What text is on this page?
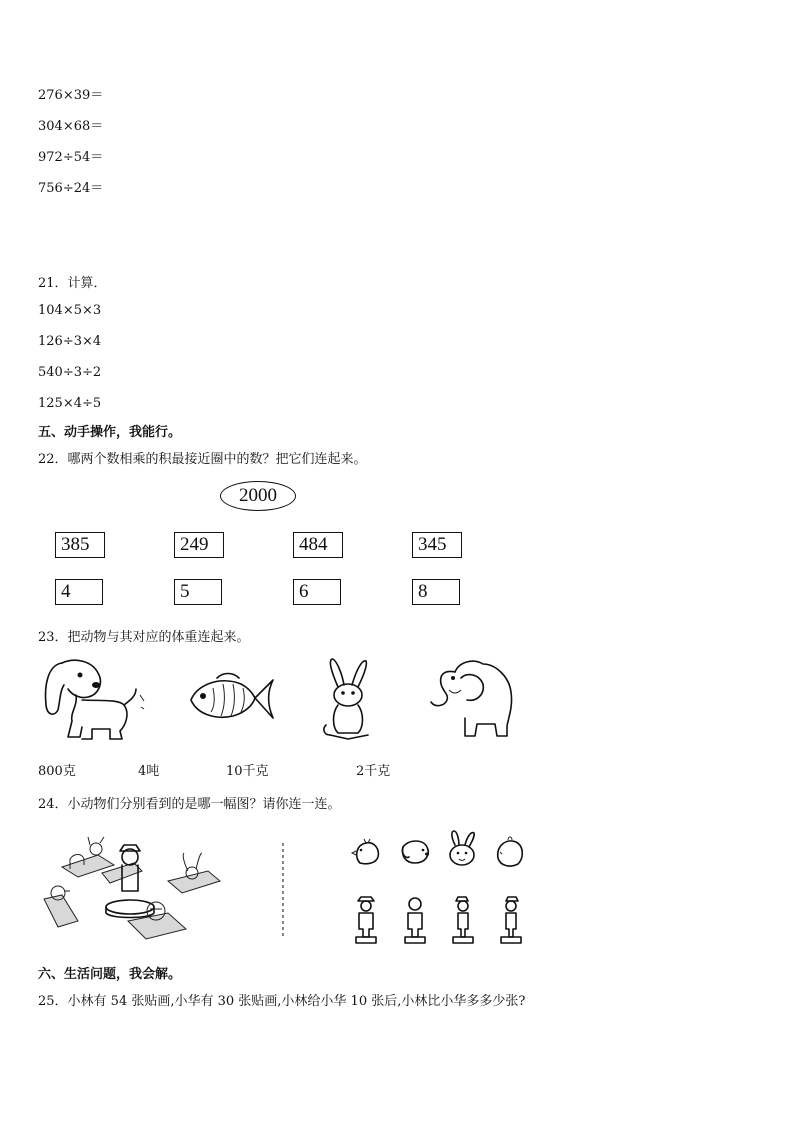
276×39＝
304×68＝
972÷54＝
756÷24＝
21．计算．
104×5×3
126÷3×4
540÷3÷2
125×4÷5
五、动手操作，我能行。
22．哪两个数相乘的积最接近圈中的数？把它们连起来。
2000
385	249	484	345
4	5	6	8
23．把动物与其对应的体重连起来。
800克	4吨	10千克	2千克
24．小动物们分别看到的是哪一幅图？请你连一连。
六、生活问题，我会解。
25．小林有 54 张贴画,小华有 30 张贴画,小林给小华 10 张后,小林比小华多多少张?
